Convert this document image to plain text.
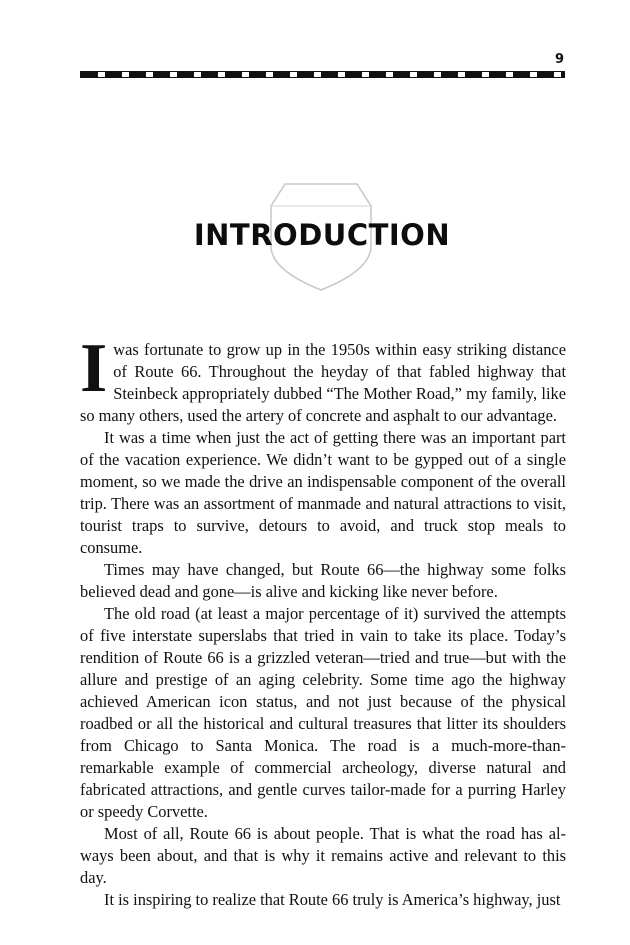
9
INTRODUCTION

Iwas fortunate to grow up in the 1950s within easy striking distance of Route 66. Throughout the heyday of that fabled highway that Steinbeck appropriately dubbed “The Mother Road,” my family, like so many others, used the artery of concrete and asphalt to our advantage.

It was a time when just the act of getting there was an important part of the vacation experience. We didn’t want to be gypped out of a single moment, so we made the drive an indispensable component of the overall trip. There was an assortment of manmade and natural attractions to visit, tourist traps to survive, detours to avoid, and truck stop meals to consume.

Times may have changed, but Route 66—the highway some folks believed dead and gone—is alive and kicking like never before.

The old road (at least a major percentage of it) survived the attempts of five interstate superslabs that tried in vain to take its place. Today’s rendition of Route 66 is a grizzled veteran—tried and true—but with the allure and prestige of an aging celebrity. Some time ago the highway achieved American icon status, and not just because of the physical roadbed or all the historical and cultural treasures that litter its shoulders from Chicago to Santa Monica. The road is a much-more-than-remarkable example of commercial archeology, diverse natural and fabricated attractions, and gentle curves tailor-made for a purring Harley or speedy Corvette.

Most of all, Route 66 is about people. That is what the road has always been about, and that is why it remains active and relevant to this day.

It is inspiring to realize that Route 66 truly is America’s highway, just
